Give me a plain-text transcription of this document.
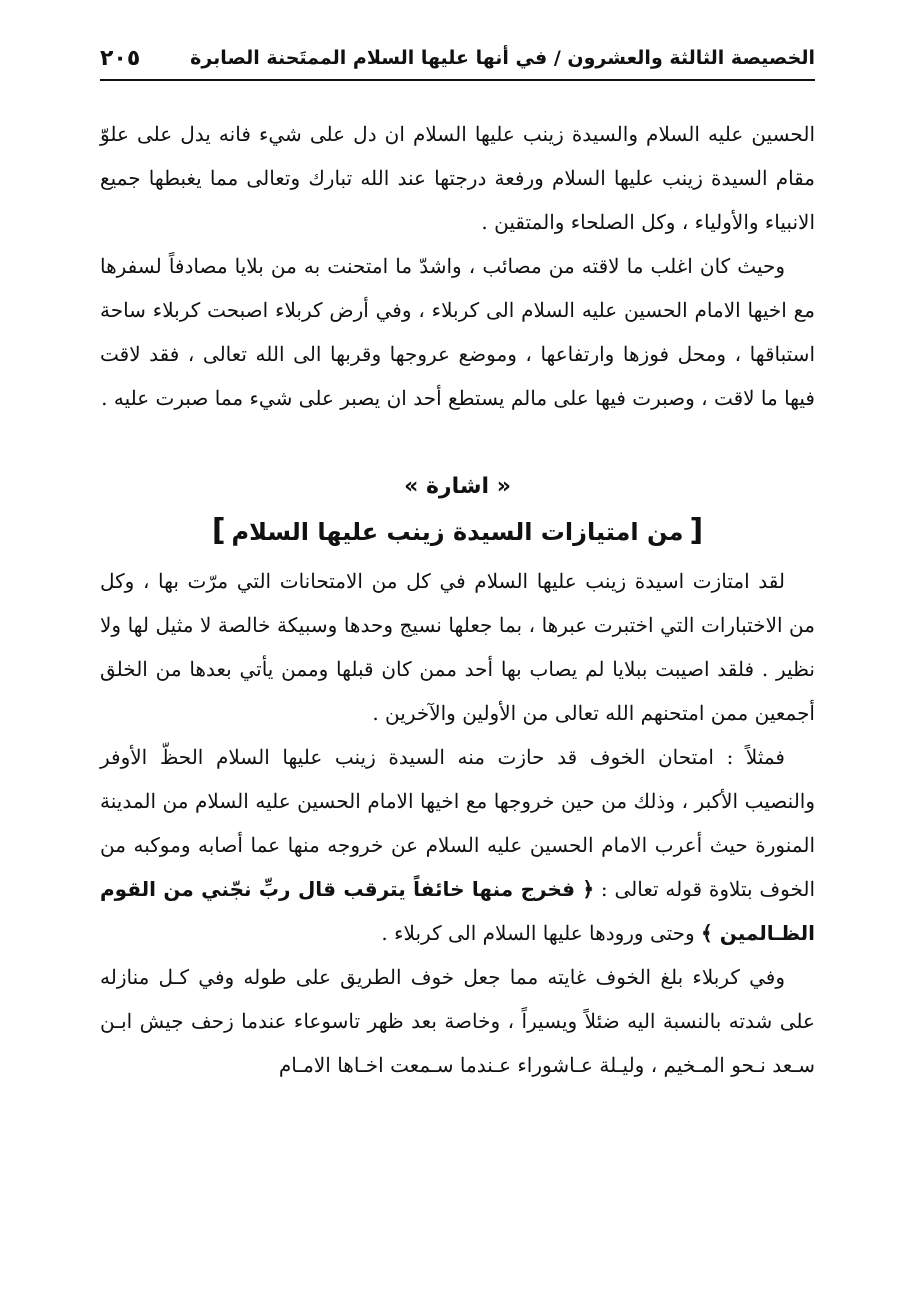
الخصيصة الثالثة والعشرون / في أنها عليها السلام الممتَحنة الصابرة
٢٠٥

الحسين عليه السلام والسيدة زينب عليها السلام ان دل على شيء فانه يدل على علوّ مقام السيدة زينب عليها السلام ورفعة درجتها عند الله تبارك وتعالى مما يغبطها جميع الانبياء والأولياء ، وكل الصلحاء والمتقين .

وحيث كان اغلب ما لاقته من مصائب ، واشدّ ما امتحنت به من بلايا مصادفاً لسفرها مع اخيها الامام الحسين عليه السلام الى كربلاء ، وفي أرض كربلاء اصبحت كربلاء ساحة استباقها ، ومحل فوزها وارتفاعها ، وموضع عروجها وقربها الى الله تعالى ، فقد لاقت فيها ما لاقت ، وصبرت فيها على مالم يستطع أحد ان يصبر على شيء مما صبرت عليه .

« اشارة »

[من امتيازات السيدة زينب عليها السلام]

لقد امتازت اسيدة زينب عليها السلام في كل من الامتحانات التي مرّت بها ، وكل من الاختبارات التي اختبرت عبرها ، بما جعلها نسيج وحدها وسبيكة خالصة لا مثيل لها ولا نظير . فلقد اصيبت ببلايا لم يصاب بها أحد ممن كان قبلها وممن يأتي بعدها من الخلق أجمعين ممن امتحنهم الله تعالى من الأولين والآخرين .

فمثلاً : امتحان الخوف قد حازت منه السيدة زينب عليها السلام الحظّ الأوفر والنصيب الأكبر ، وذلك من حين خروجها مع اخيها الامام الحسين عليه السلام من المدينة المنورة حيث أعرب الامام الحسين عليه السلام عن خروجه منها عما أصابه وموكبه من الخوف بتلاوة قوله تعالى : ﴿ فخرج منها خائفاً يترقب قال ربِّ نجّني من القوم الظـالمين ﴾ وحتى ورودها عليها السلام الى كربلاء .

وفي كربلاء بلغ الخوف غايته مما جعل خوف الطريق على طوله وفي كـل منازله على شدته بالنسبة اليه ضئلاً ويسيراً ، وخاصة بعد ظهر تاسوعاء عندما زحف جيش ابـن سـعد نـحو المـخيم ، وليـلة عـاشوراء عـندما سـمعت اخـاها الامـام
